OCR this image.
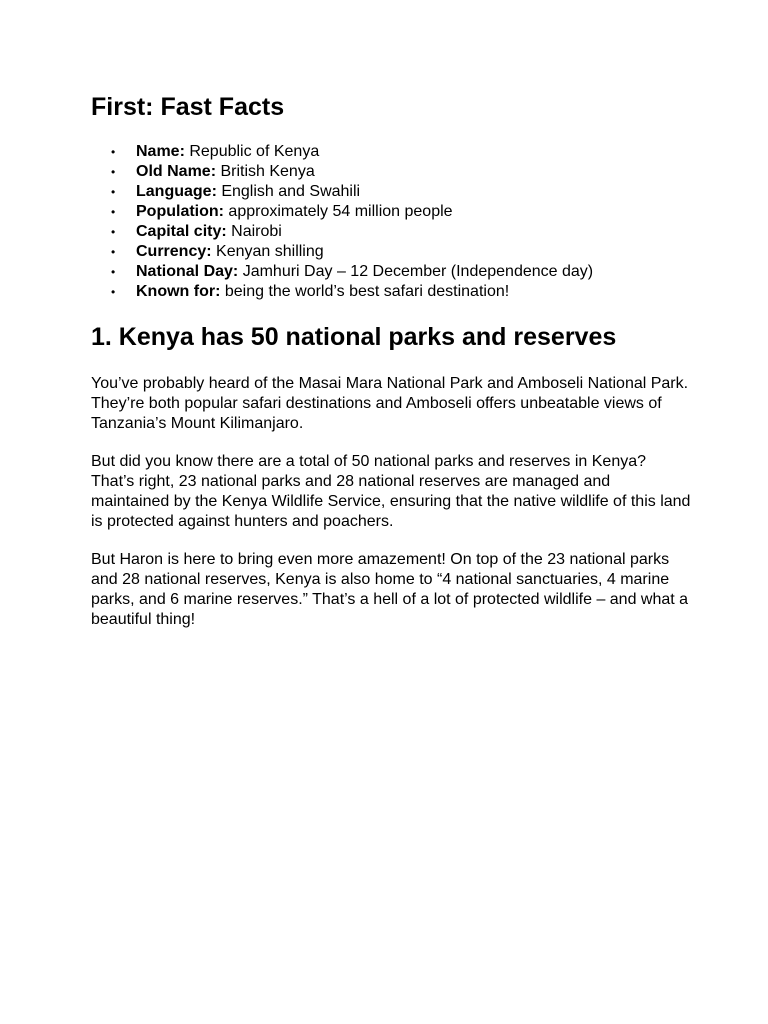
First: Fast Facts
• Name: Republic of Kenya
• Old Name: British Kenya
• Language: English and Swahili
• Population: approximately 54 million people
• Capital city: Nairobi
• Currency: Kenyan shilling
• National Day: Jamhuri Day – 12 December (Independence day)
• Known for: being the world’s best safari destination!
1. Kenya has 50 national parks and reserves

You’ve probably heard of the Masai Mara National Park and Amboseli National Park. They’re both popular safari destinations and Amboseli offers unbeatable views of Tanzania’s Mount Kilimanjaro.

But did you know there are a total of 50 national parks and reserves in Kenya? That’s right, 23 national parks and 28 national reserves are managed and maintained by the Kenya Wildlife Service, ensuring that the native wildlife of this land is protected against hunters and poachers.

But Haron is here to bring even more amazement! On top of the 23 national parks and 28 national reserves, Kenya is also home to “4 national sanctuaries, 4 marine parks, and 6 marine reserves.” That’s a hell of a lot of protected wildlife – and what a beautiful thing!
